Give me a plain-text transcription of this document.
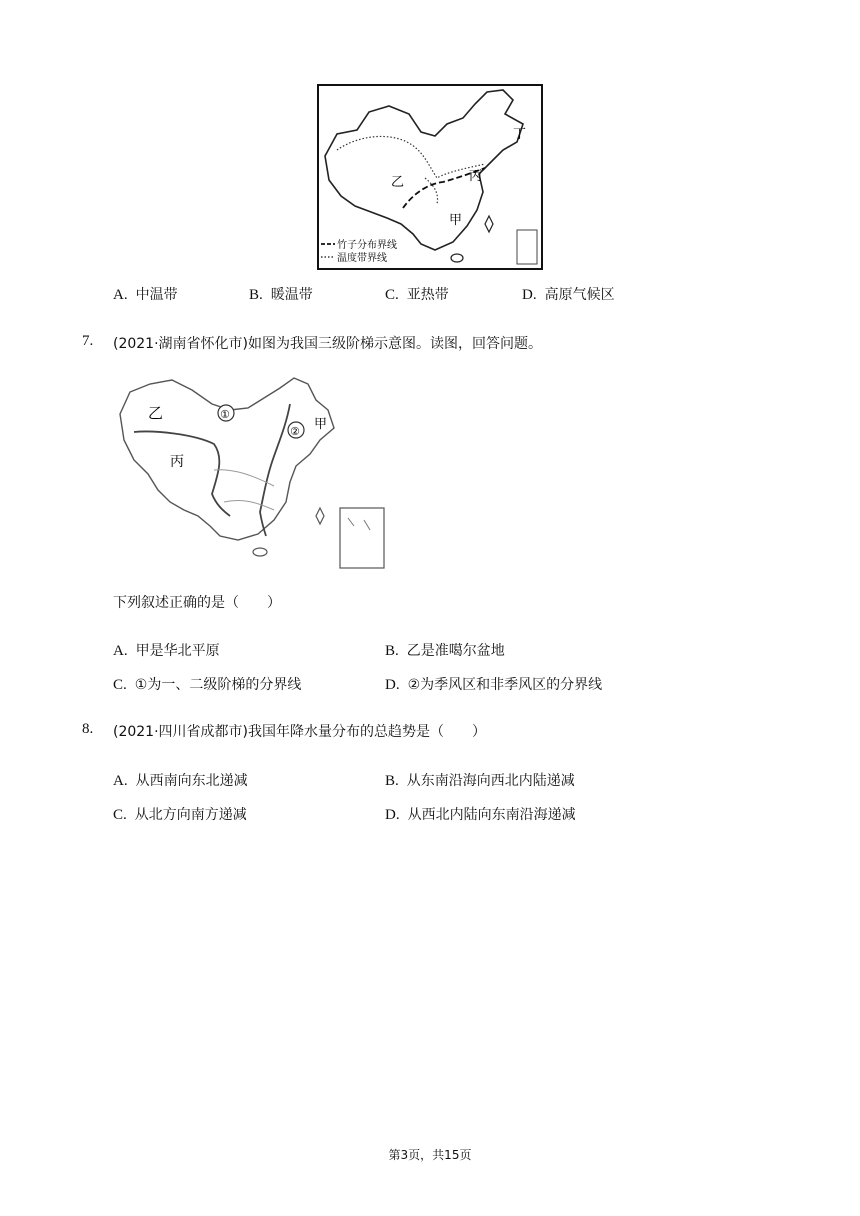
乙
甲
丙
丁
竹子分布界线
温度带界线
A. 中温带	B. 暖温带	C. 亚热带	D. 高原气候区
7. (2021·湖南省怀化市)如图为我国三级阶梯示意图。读图，回答问题。
①
②
乙
丙
甲
下列叙述正确的是（　　）
A. 甲是华北平原	B. 乙是准噶尔盆地
C. ①为一、二级阶梯的分界线	D. ②为季风区和非季风区的分界线
8. (2021·四川省成都市)我国年降水量分布的总趋势是（　　）
A. 从西南向东北递减	B. 从东南沿海向西北内陆递减
C. 从北方向南方递减	D. 从西北内陆向东南沿海递减
第3页，共15页
